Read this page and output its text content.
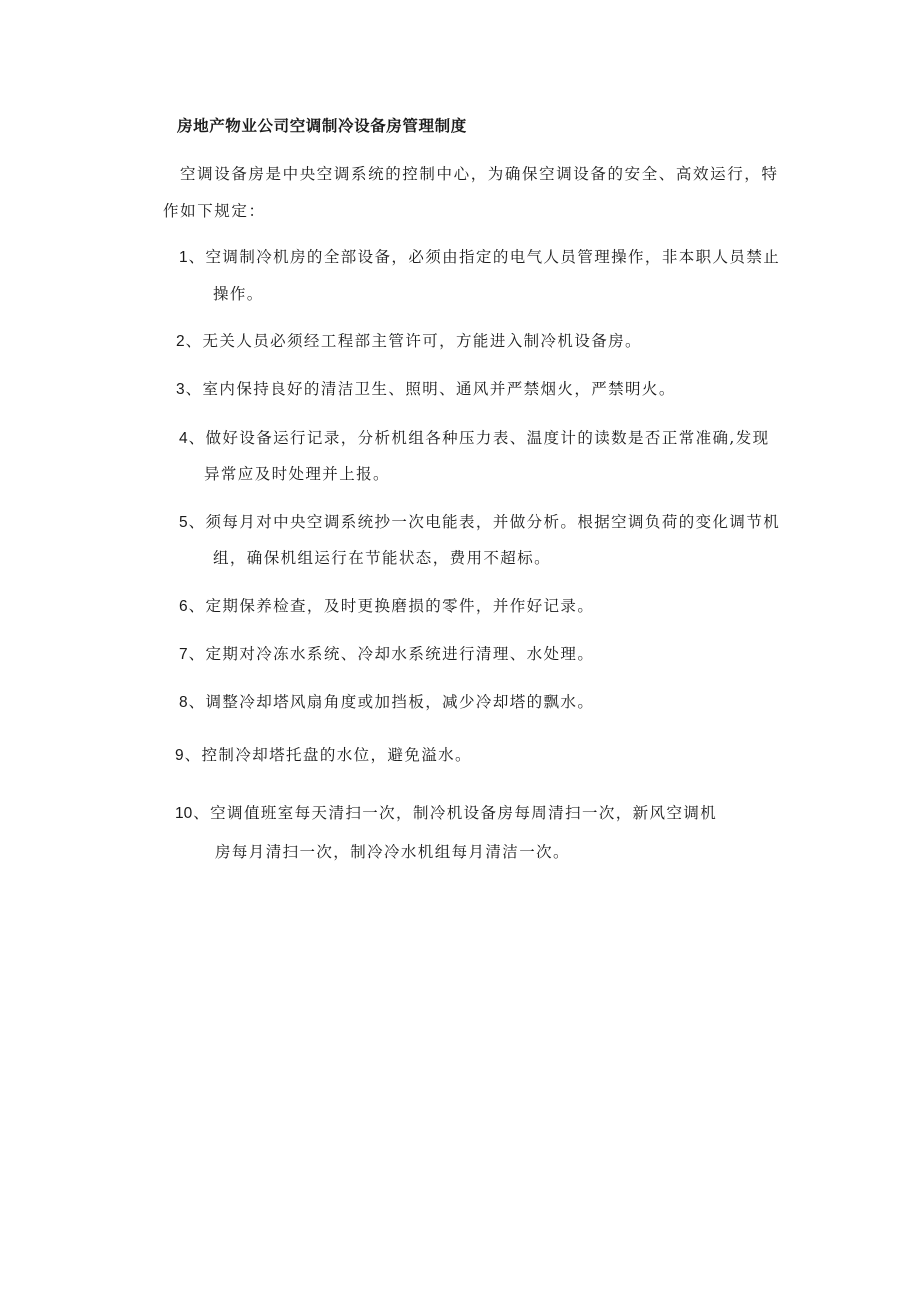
房地产物业公司空调制冷设备房管理制度
空调设备房是中央空调系统的控制中心，为确保空调设备的安全、高效运行，特
作如下规定：
1、空调制冷机房的全部设备，必须由指定的电气人员管理操作，非本职人员禁止
操作。
2、无关人员必须经工程部主管许可，方能进入制冷机设备房。
3、室内保持良好的清洁卫生、照明、通风并严禁烟火，严禁明火。
4、做好设备运行记录，分析机组各种压力表、温度计的读数是否正常准确,发现
异常应及时处理并上报。
5、须每月对中央空调系统抄一次电能表，并做分析。根据空调负荷的变化调节机
组，确保机组运行在节能状态，费用不超标。
6、定期保养检查，及时更换磨损的零件，并作好记录。
7、定期对冷冻水系统、冷却水系统进行清理、水处理。
8、调整冷却塔风扇角度或加挡板，减少冷却塔的飘水。
9、控制冷却塔托盘的水位，避免溢水。
10、空调值班室每天清扫一次，制冷机设备房每周清扫一次，新风空调机
房每月清扫一次，制冷冷水机组每月清洁一次。
